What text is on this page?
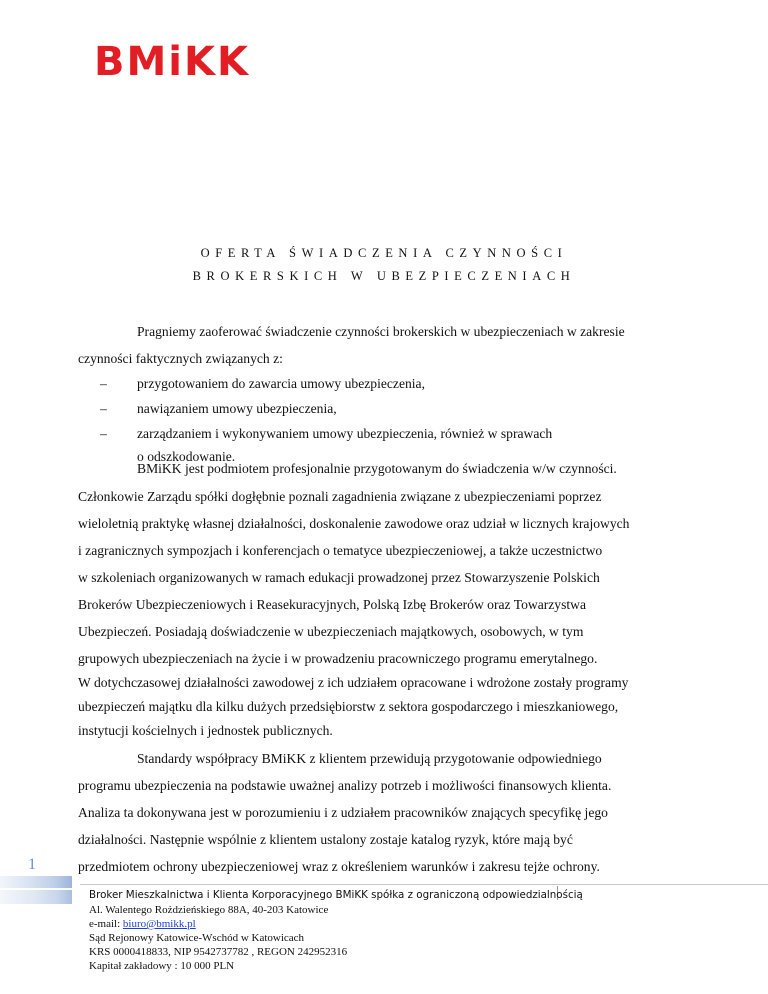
BMiKK
OFERTA ŚWIADCZENIA CZYNNOŚCI
BROKERSKICH W UBEZPIECZENIACH
Pragniemy zaoferować świadczenie czynności brokerskich w ubezpieczeniach w zakresie
czynności faktycznych związanych z:
– przygotowaniem do zawarcia umowy ubezpieczenia,
– nawiązaniem umowy ubezpieczenia,
– zarządzaniem i wykonywaniem umowy ubezpieczenia, również w sprawach
o odszkodowanie.
1
Broker Mieszkalnictwa i Klienta Korporacyjnego BMiKK spółka z ograniczoną odpowiedzialnością
Al. Walentego Rożdzieńskiego 88A, 40-203 Katowice
e-mail: biuro@bmikk.pl
Sąd Rejonowy Katowice-Wschód w Katowicach
KRS 0000418833, NIP 9542737782 , REGON 242952316
Kapitał zakładowy : 10 000 PLN
BMiKK jest podmiotem profesjonalnie przygotowanym do świadczenia w/w czynności.
Członkowie Zarządu spółki dogłębnie poznali zagadnienia związane z ubezpieczeniami poprzez
wieloletnią praktykę własnej działalności, doskonalenie zawodowe oraz udział w licznych krajowych
i zagranicznych sympozjach i konferencjach o tematyce ubezpieczeniowej, a także uczestnictwo
w szkoleniach organizowanych w ramach edukacji prowadzonej przez Stowarzyszenie Polskich
Brokerów Ubezpieczeniowych i Reasekuracyjnych, Polską Izbę Brokerów oraz Towarzystwa
Ubezpieczeń. Posiadają doświadczenie w ubezpieczeniach majątkowych, osobowych, w tym
grupowych ubezpieczeniach na życie i w prowadzeniu pracowniczego programu emerytalnego.
W dotychczasowej działalności zawodowej z ich udziałem opracowane i wdrożone zostały programy
ubezpieczeń majątku dla kilku dużych przedsiębiorstw z sektora gospodarczego i mieszkaniowego,
instytucji kościelnych i jednostek publicznych.
Standardy współpracy BMiKK z klientem przewidują przygotowanie odpowiedniego
programu ubezpieczenia na podstawie uważnej analizy potrzeb i możliwości finansowych klienta.
Analiza ta dokonywana jest w porozumieniu i z udziałem pracowników znających specyfikę jego
działalności. Następnie wspólnie z klientem ustalony zostaje katalog ryzyk, które mają być
przedmiotem ochrony ubezpieczeniowej wraz z określeniem warunków i zakresu tejże ochrony.
